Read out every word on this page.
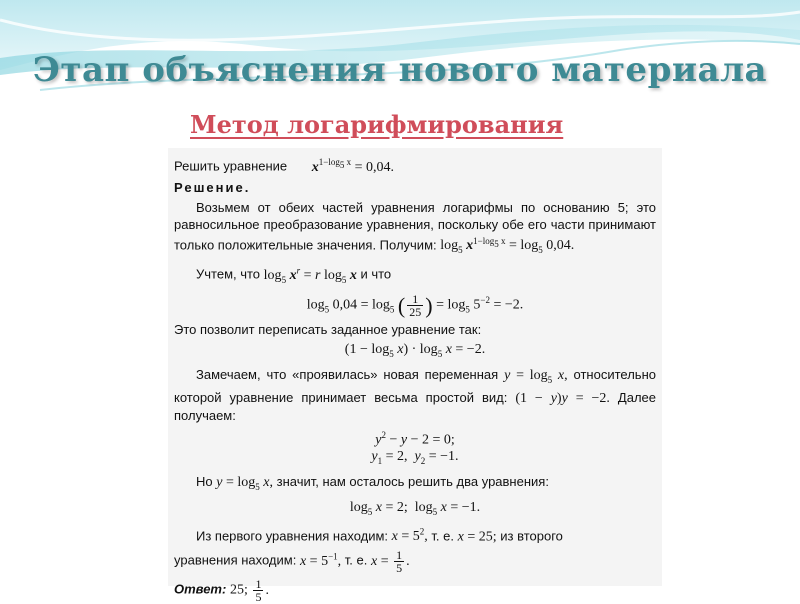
Этап объяснения нового материала
Метод логарифмирования

Решить уравнение $x^{1-log_5 x} = 0,04$.

Решение.

Возьмем от обеих частей уравнения логарифмы по основанию 5; это равносильное преобразование уравнения, поскольку обе его части принимают только положительные значения. Получим: $\log_5 x^{1-log_5 x} = \log_5 0,04$.

Учтем, что $\log_5 x^r = r$ $\log_5 x$ и что

$\log_5 0,04 = \log_5$ ( $\frac{1}{25}$ ) = $\log_5 5^{-2} = -2$.

Это позволит переписать заданное уравнение так:

$(1 - \log_5 x) \cdot \log_5 x = -2$.

Замечаем, что «проявилась» новая переменная $y = \log_5 x$, относительно которой уравнение принимает весьма простой вид: (1 − y)y = −2. Далее получаем:

$y^2 - y - 2 = 0$;

$y_1 = 2$,  $y_2 = -1$.

Но $y = \log_5 x$, значит, нам осталось решить два уравнения:

$\log_5 x = 2$;  $\log_5 x = -1$.

Из первого уравнения находим: $x = 5^2$, т. е. x = 25; из второго

уравнения находим: $x = 5^{-1}$, т. е. $x = \frac{1}{5}$ .

Ответ: 25; $\frac{1}{5}$ .
